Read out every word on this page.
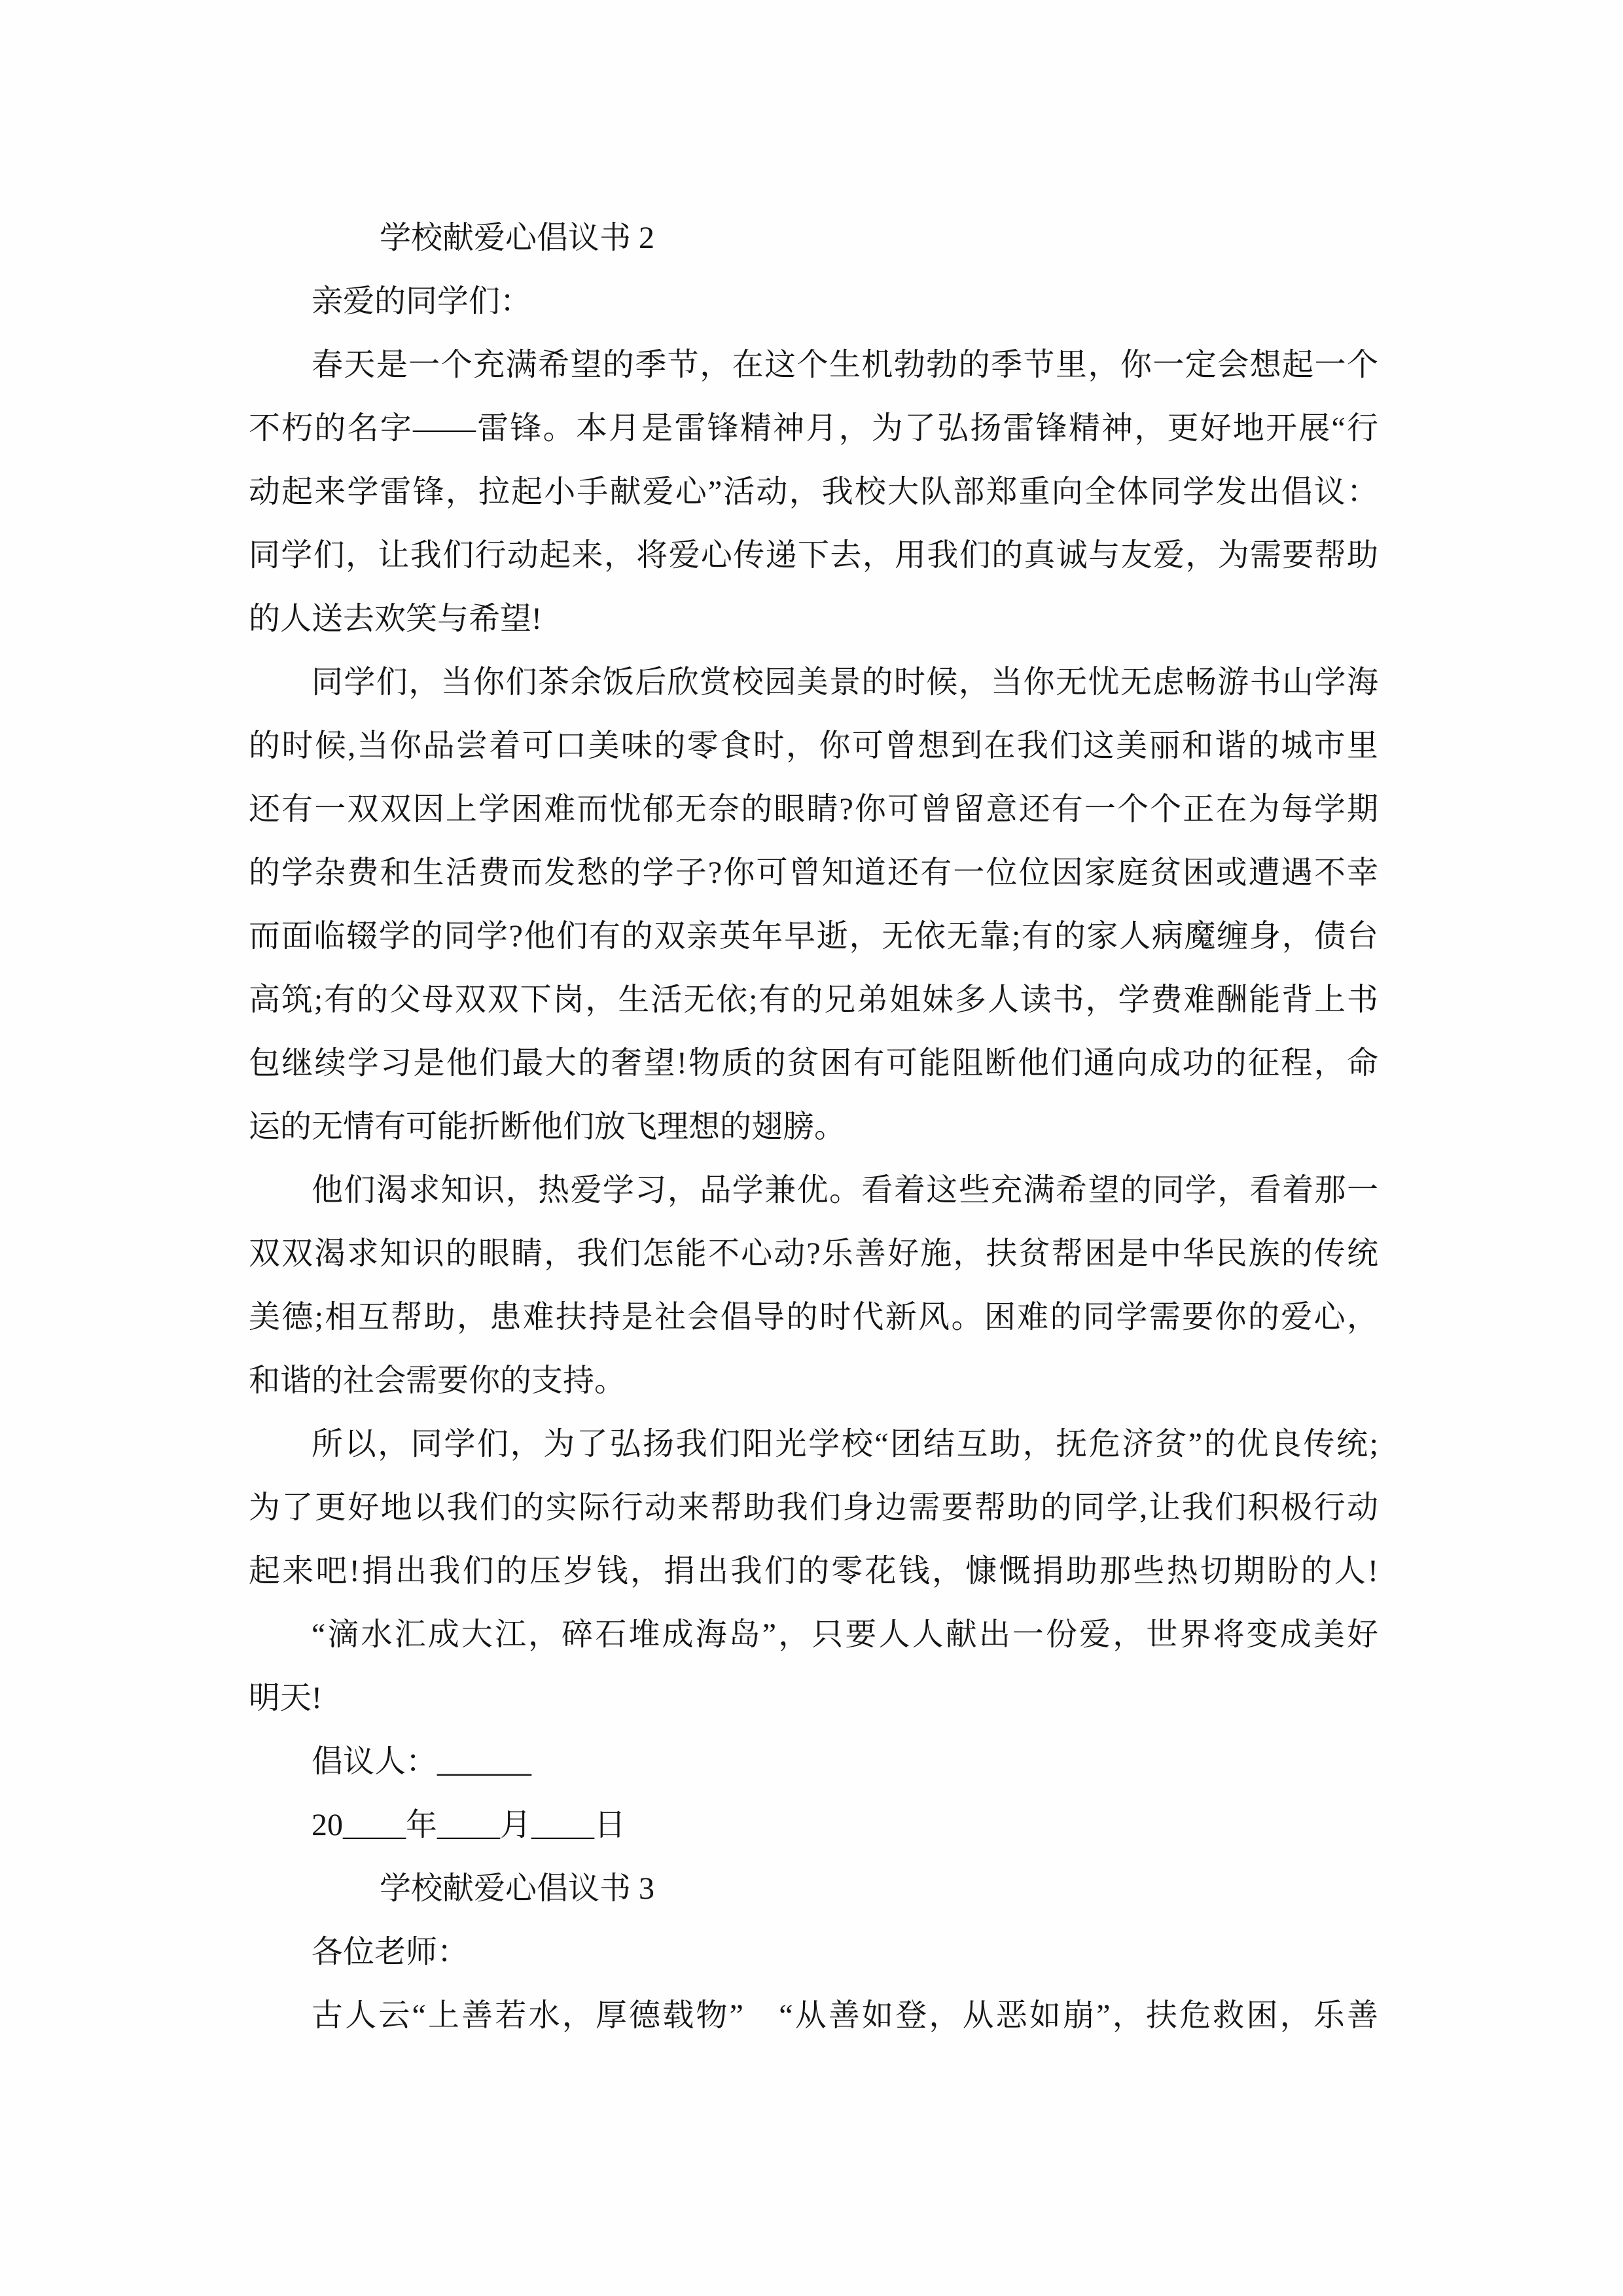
学校献爱心倡议书 2
亲爱的同学们：
春天是一个充满希望的季节，在这个生机勃勃的季节里，你一定会想起一个
不朽的名字——雷锋。本月是雷锋精神月，为了弘扬雷锋精神，更好地开展“行
动起来学雷锋，拉起小手献爱心”活动，我校大队部郑重向全体同学发出倡议：
同学们，让我们行动起来，将爱心传递下去，用我们的真诚与友爱，为需要帮助
的人送去欢笑与希望!
同学们，当你们茶余饭后欣赏校园美景的时候，当你无忧无虑畅游书山学海
的时候,当你品尝着可口美味的零食时，你可曾想到在我们这美丽和谐的城市里
还有一双双因上学困难而忧郁无奈的眼睛?你可曾留意还有一个个正在为每学期
的学杂费和生活费而发愁的学子?你可曾知道还有一位位因家庭贫困或遭遇不幸
而面临辍学的同学?他们有的双亲英年早逝，无依无靠;有的家人病魔缠身，债台
高筑;有的父母双双下岗，生活无依;有的兄弟姐妹多人读书，学费难酬能背上书
包继续学习是他们最大的奢望!物质的贫困有可能阻断他们通向成功的征程，命
运的无情有可能折断他们放飞理想的翅膀。
他们渴求知识，热爱学习，品学兼优。看着这些充满希望的同学，看着那一
双双渴求知识的眼睛，我们怎能不心动?乐善好施，扶贫帮困是中华民族的传统
美德;相互帮助，患难扶持是社会倡导的时代新风。困难的同学需要你的爱心，
和谐的社会需要你的支持。
所以，同学们，为了弘扬我们阳光学校“团结互助，抚危济贫”的优良传统;
为了更好地以我们的实际行动来帮助我们身边需要帮助的同学,让我们积极行动
起来吧!捐出我们的压岁钱，捐出我们的零花钱，慷慨捐助那些热切期盼的人!
“滴水汇成大江，碎石堆成海岛”，只要人人献出一份爱，世界将变成美好
明天!
倡议人：______
20____年____月____日
学校献爱心倡议书 3
各位老师：
古人云“上善若水，厚德载物”　“从善如登，从恶如崩”，扶危救困，乐善
